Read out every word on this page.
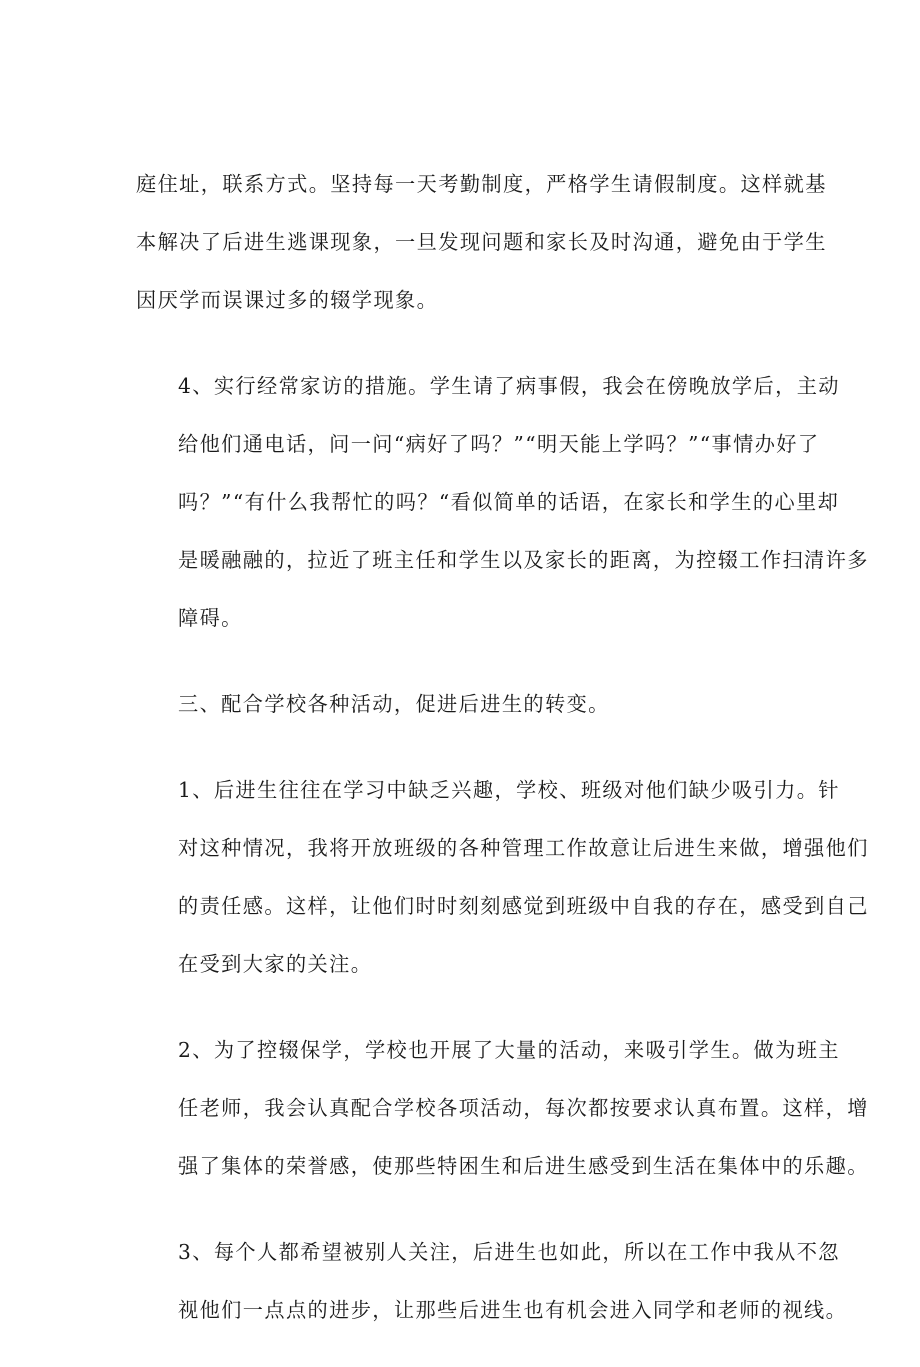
庭住址，联系方式。坚持每一天考勤制度，严格学生请假制度。这样就基
本解决了后进生逃课现象，一旦发现问题和家长及时沟通，避免由于学生
因厌学而误课过多的辍学现象。

4、实行经常家访的措施。学生请了病事假，我会在傍晚放学后，主动
给他们通电话，问一问“病好了吗？”“明天能上学吗？”“事情办好了
吗？”“有什么我帮忙的吗？“看似简单的话语，在家长和学生的心里却
是暖融融的，拉近了班主任和学生以及家长的距离，为控辍工作扫清许多
障碍。

三、配合学校各种活动，促进后进生的转变。

1、后进生往往在学习中缺乏兴趣，学校、班级对他们缺少吸引力。针
对这种情况，我将开放班级的各种管理工作故意让后进生来做，增强他们
的责任感。这样，让他们时时刻刻感觉到班级中自我的存在，感受到自己
在受到大家的关注。

2、为了控辍保学，学校也开展了大量的活动，来吸引学生。做为班主
任老师，我会认真配合学校各项活动，每次都按要求认真布置。这样，增
强了集体的荣誉感，使那些特困生和后进生感受到生活在集体中的乐趣。

3、每个人都希望被别人关注，后进生也如此，所以在工作中我从不忽
视他们一点点的进步，让那些后进生也有机会进入同学和老师的视线。
